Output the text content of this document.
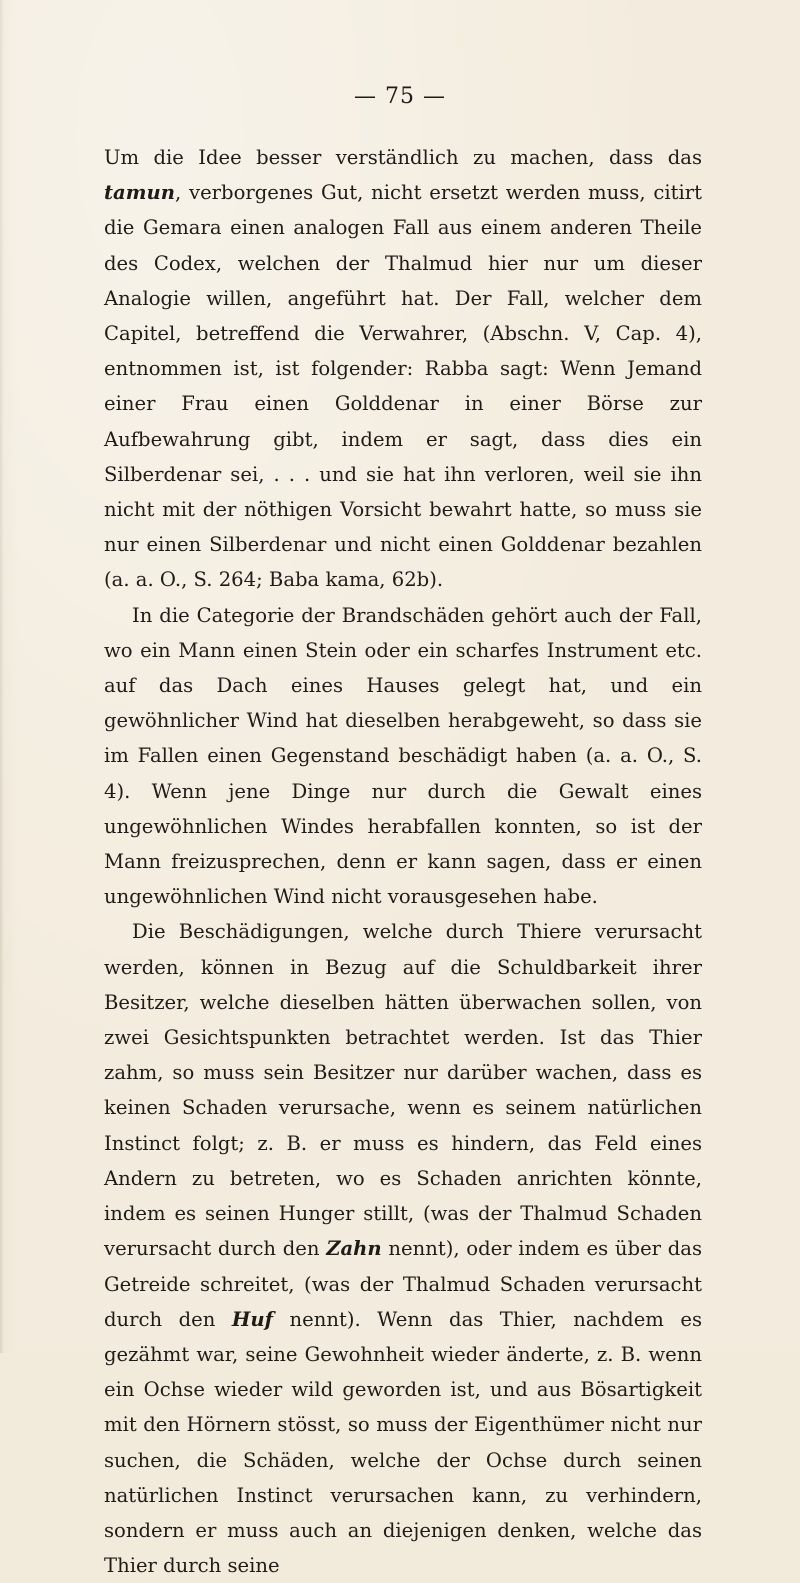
— 75 —

Um die Idee besser verständlich zu machen, dass das tamun, verborgenes Gut, nicht ersetzt werden muss, citirt die Gemara einen analogen Fall aus einem anderen Theile des Codex, welchen der Thalmud hier nur um dieser Analogie willen, angeführt hat. Der Fall, welcher dem Capitel, betreffend die Verwahrer, (Abschn. V, Cap. 4), entnommen ist, ist folgender: Rabba sagt: Wenn Jemand einer Frau einen Golddenar in einer Börse zur Aufbewahrung gibt, indem er sagt, dass dies ein Silberdenar sei, . . . und sie hat ihn verloren, weil sie ihn nicht mit der nöthigen Vorsicht bewahrt hatte, so muss sie nur einen Silberdenar und nicht einen Golddenar bezahlen (a. a. O., S. 264; Baba kama, 62b).

In die Categorie der Brandschäden gehört auch der Fall, wo ein Mann einen Stein oder ein scharfes Instrument etc. auf das Dach eines Hauses gelegt hat, und ein gewöhnlicher Wind hat dieselben herabgeweht, so dass sie im Fallen einen Gegenstand beschädigt haben (a. a. O., S. 4). Wenn jene Dinge nur durch die Gewalt eines ungewöhnlichen Windes herabfallen konnten, so ist der Mann freizusprechen, denn er kann sagen, dass er einen ungewöhnlichen Wind nicht vorausgesehen habe.

Die Beschädigungen, welche durch Thiere verursacht werden, können in Bezug auf die Schuldbarkeit ihrer Besitzer, welche dieselben hätten überwachen sollen, von zwei Gesichtspunkten betrachtet werden. Ist das Thier zahm, so muss sein Besitzer nur darüber wachen, dass es keinen Schaden verursache, wenn es seinem natürlichen Instinct folgt; z. B. er muss es hindern, das Feld eines Andern zu betreten, wo es Schaden anrichten könnte, indem es seinen Hunger stillt, (was der Thalmud Schaden verursacht durch den Zahn nennt), oder indem es über das Getreide schreitet, (was der Thalmud Schaden verursacht durch den Huf nennt). Wenn das Thier, nachdem es gezähmt war, seine Gewohnheit wieder änderte, z. B. wenn ein Ochse wieder wild geworden ist, und aus Bösartigkeit mit den Hörnern stösst, so muss der Eigenthümer nicht nur suchen, die Schäden, welche der Ochse durch seinen natürlichen Instinct verursachen kann, zu verhindern, sondern er muss auch an diejenigen denken, welche das Thier durch seine
